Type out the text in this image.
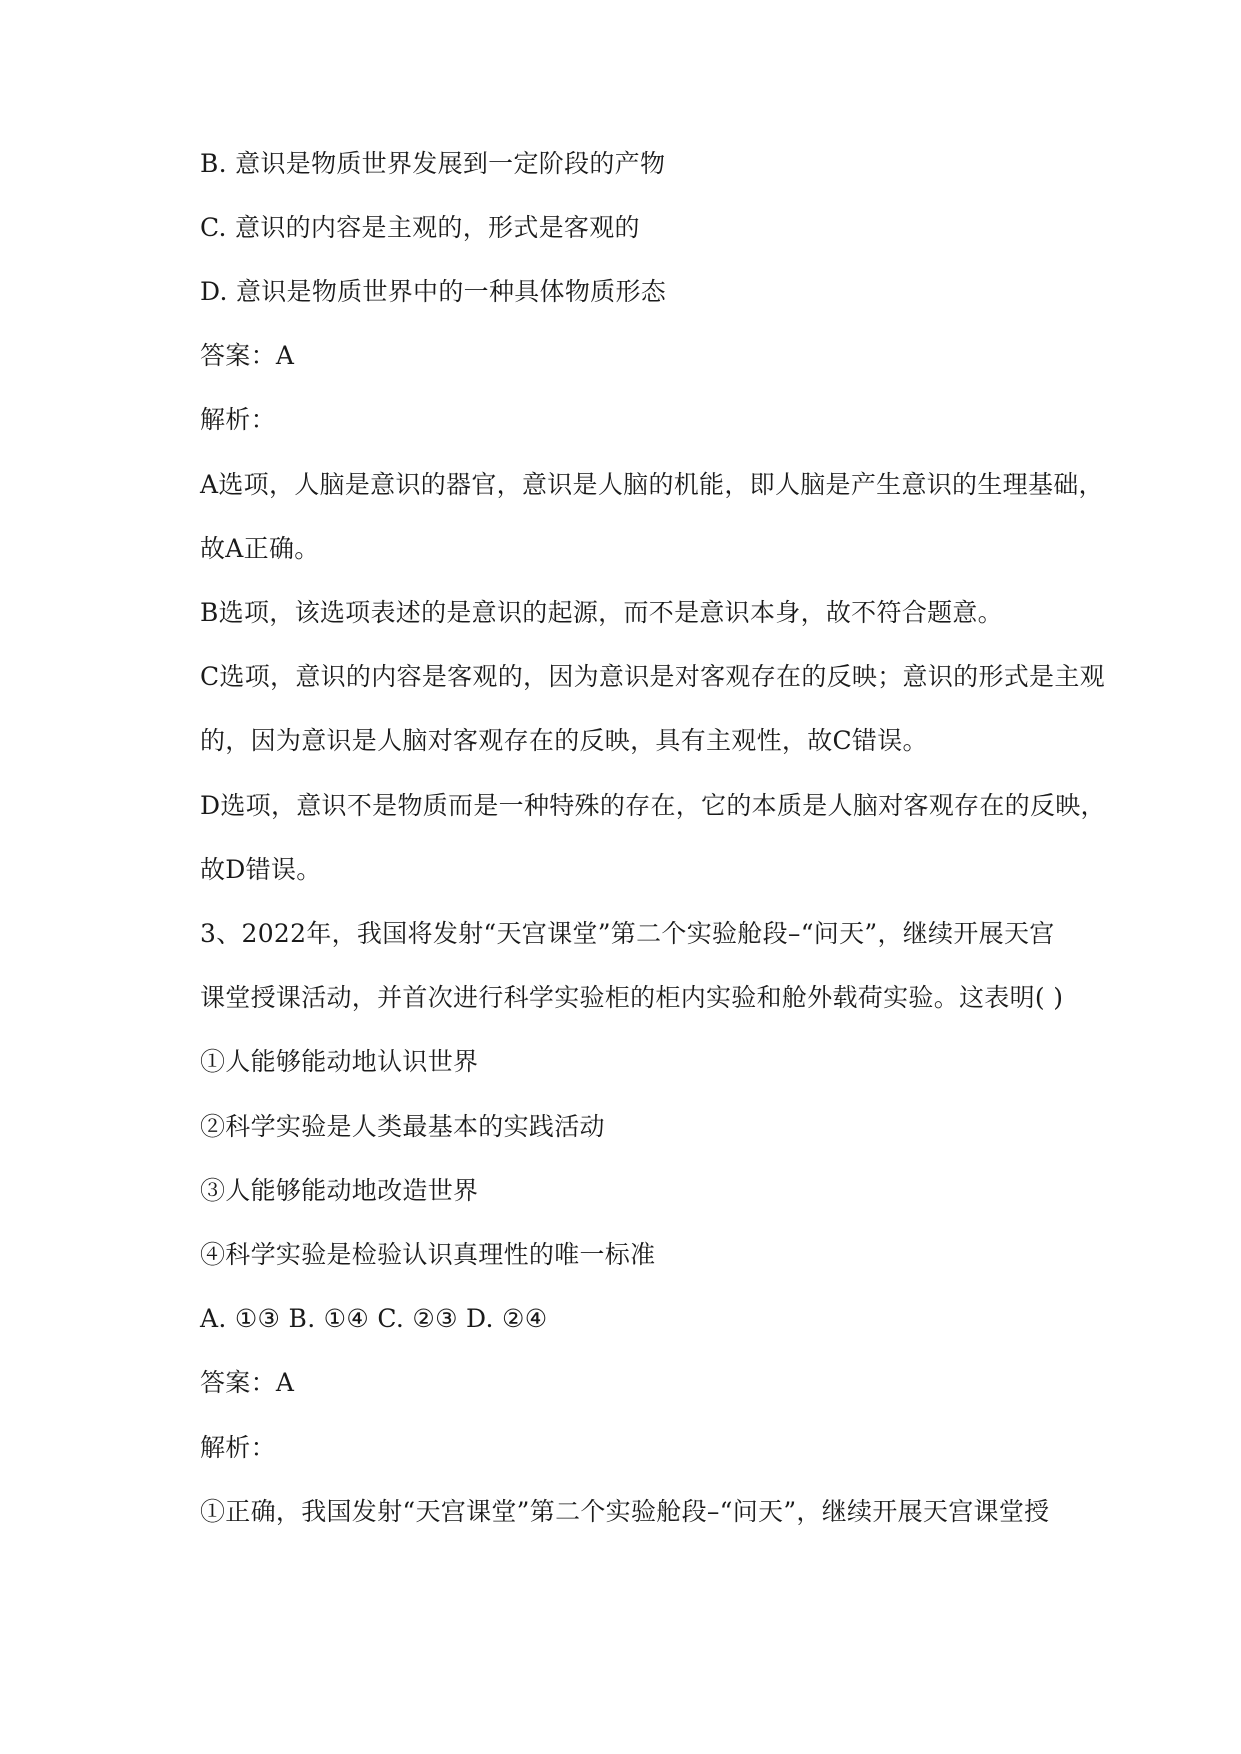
B. 意识是物质世界发展到一定阶段的产物
C. 意识的内容是主观的，形式是客观的
D. 意识是物质世界中的一种具体物质形态
答案：A
解析：
A选项，人脑是意识的器官，意识是人脑的机能，即人脑是产生意识的生理基础，
故A正确。
B选项，该选项表述的是意识的起源，而不是意识本身，故不符合题意。
C选项，意识的内容是客观的，因为意识是对客观存在的反映；意识的形式是主观
的，因为意识是人脑对客观存在的反映，具有主观性，故C错误。
D选项，意识不是物质而是一种特殊的存在，它的本质是人脑对客观存在的反映，
故D错误。
3、2022年，我国将发射“天宫课堂”第二个实验舱段–“问天”，继续开展天宫
课堂授课活动，并首次进行科学实验柜的柜内实验和舱外载荷实验。这表明( )
①人能够能动地认识世界
②科学实验是人类最基本的实践活动
③人能够能动地改造世界
④科学实验是检验认识真理性的唯一标准
A. ①③ B. ①④ C. ②③ D. ②④
答案：A
解析：
①正确，我国发射“天宫课堂”第二个实验舱段–“问天”，继续开展天宫课堂授
